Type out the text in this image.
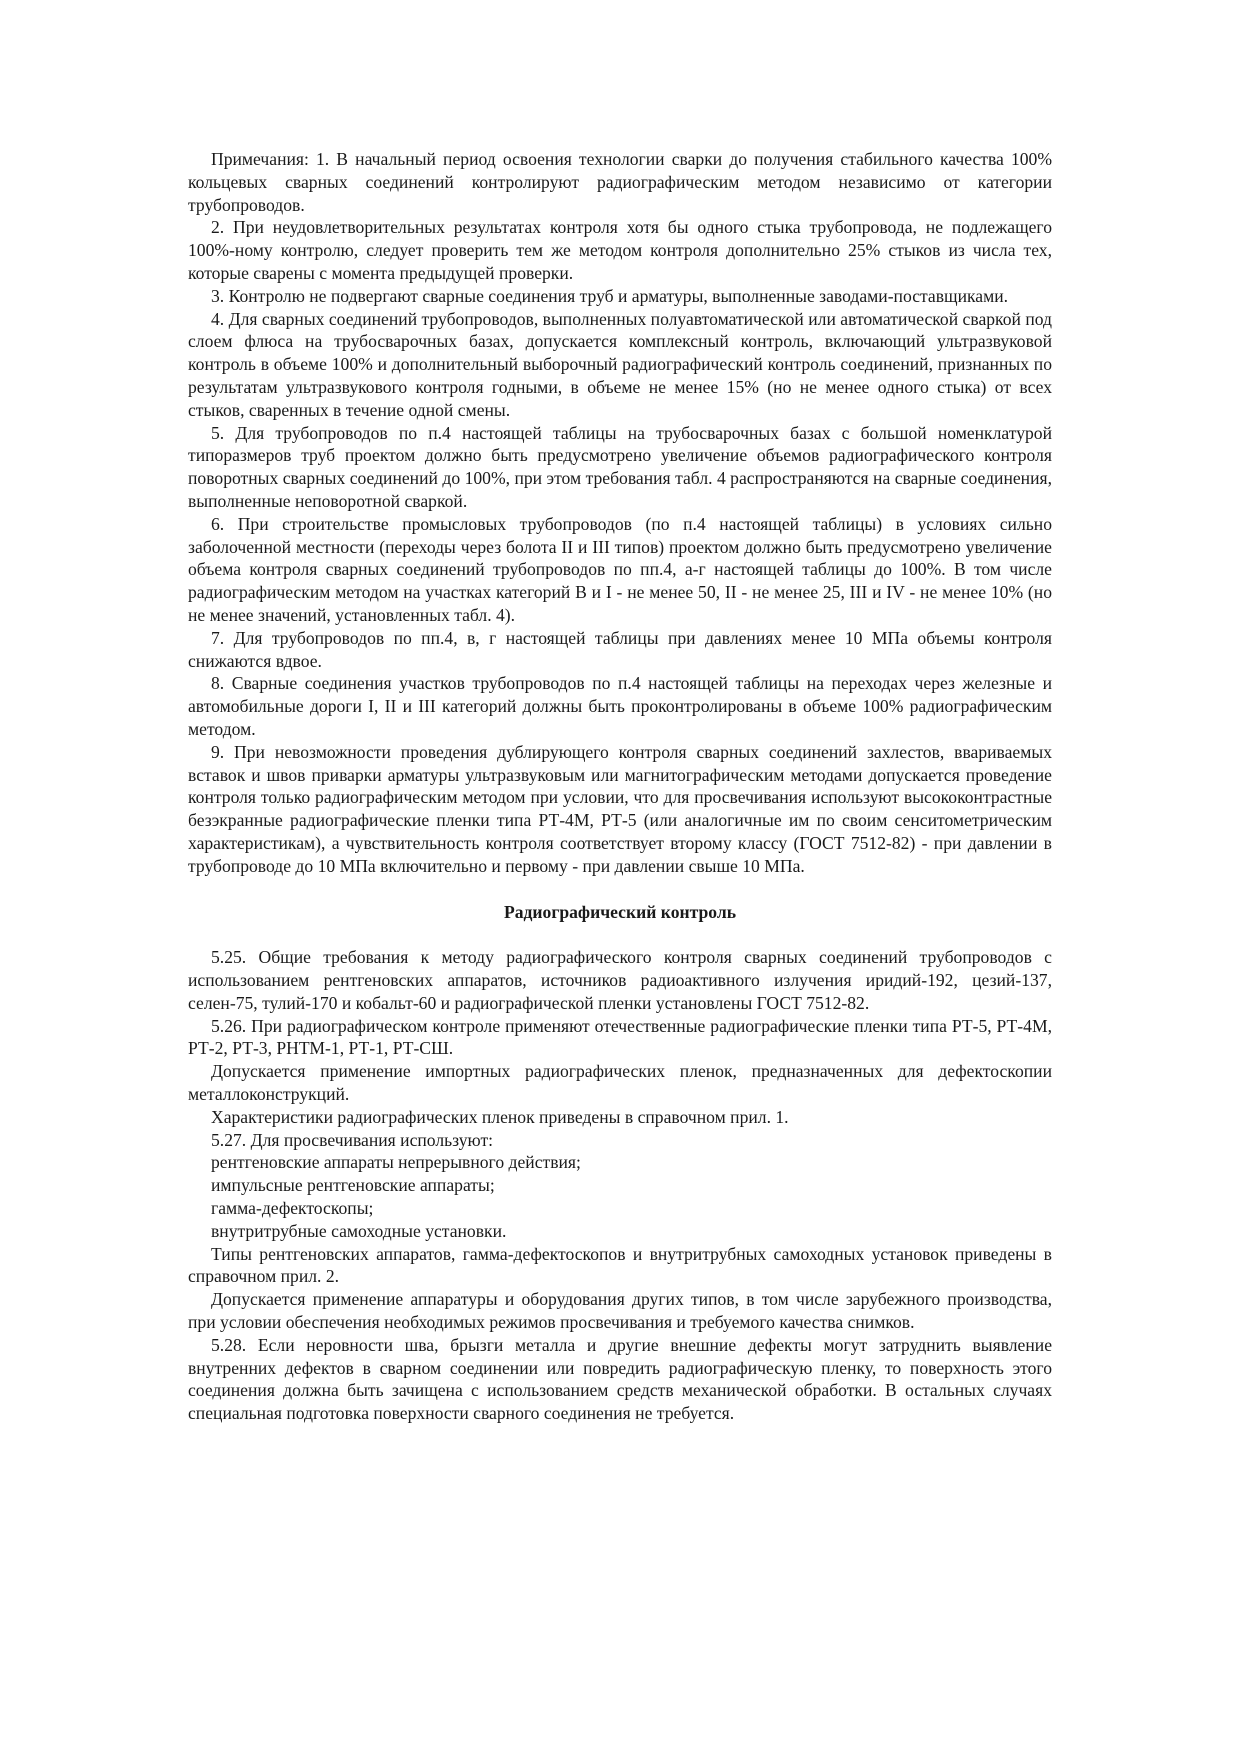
Примечания: 1. В начальный период освоения технологии сварки до получения стабильного качества 100% кольцевых сварных соединений контролируют радиографическим методом независимо от категории трубопроводов.

2. При неудовлетворительных результатах контроля хотя бы одного стыка трубопровода, не подлежащего 100%-ному контролю, следует проверить тем же методом контроля дополнительно 25% стыков из числа тех, которые сварены с момента предыдущей проверки.

3. Контролю не подвергают сварные соединения труб и арматуры, выполненные заводами-поставщиками.

4. Для сварных соединений трубопроводов, выполненных полуавтоматической или автоматической сваркой под слоем флюса на трубосварочных базах, допускается комплексный контроль, включающий ультразвуковой контроль в объеме 100% и дополнительный выборочный радиографический контроль соединений, признанных по результатам ультразвукового контроля годными, в объеме не менее 15% (но не менее одного стыка) от всех стыков, сваренных в течение одной смены.

5. Для трубопроводов по п.4 настоящей таблицы на трубосварочных базах с большой номенклатурой типоразмеров труб проектом должно быть предусмотрено увеличение объемов радиографического контроля поворотных сварных соединений до 100%, при этом требования табл. 4 распространяются на сварные соединения, выполненные неповоротной сваркой.

6. При строительстве промысловых трубопроводов (по п.4 настоящей таблицы) в условиях сильно заболоченной местности (переходы через болота II и III типов) проектом должно быть предусмотрено увеличение объема контроля сварных соединений трубопроводов по пп.4, а-г настоящей таблицы до 100%. В том числе радиографическим методом на участках категорий В и I - не менее 50, II - не менее 25, III и IV - не менее 10% (но не менее значений, установленных табл. 4).

7. Для трубопроводов по пп.4, в, г настоящей таблицы при давлениях менее 10 МПа объемы контроля снижаются вдвое.

8. Сварные соединения участков трубопроводов по п.4 настоящей таблицы на переходах через железные и автомобильные дороги I, II и III категорий должны быть проконтролированы в объеме 100% радиографическим методом.

9. При невозможности проведения дублирующего контроля сварных соединений захлестов, ввариваемых вставок и швов приварки арматуры ультразвуковым или магнитографическим методами допускается проведение контроля только радиографическим методом при условии, что для просвечивания используют высококонтрастные безэкранные радиографические пленки типа РТ-4М, РТ-5 (или аналогичные им по своим сенситометрическим характеристикам), а чувствительность контроля соответствует второму классу (ГОСТ 7512-82) - при давлении в трубопроводе до 10 МПа включительно и первому - при давлении свыше 10 МПа.

Радиографический контроль

5.25. Общие требования к методу радиографического контроля сварных соединений трубопроводов с использованием рентгеновских аппаратов, источников радиоактивного излучения иридий-192, цезий-137, селен-75, тулий-170 и кобальт-60 и радиографической пленки установлены ГОСТ 7512-82.

5.26. При радиографическом контроле применяют отечественные радиографические пленки типа РТ-5, РТ-4М, РТ-2, РТ-3, РНТМ-1, РТ-1, РТ-СШ.

Допускается применение импортных радиографических пленок, предназначенных для дефектоскопии металлоконструкций.

Характеристики радиографических пленок приведены в справочном прил. 1.

5.27. Для просвечивания используют:

рентгеновские аппараты непрерывного действия;

импульсные рентгеновские аппараты;

гамма-дефектоскопы;

внутритрубные самоходные установки.

Типы рентгеновских аппаратов, гамма-дефектоскопов и внутритрубных самоходных установок приведены в справочном прил. 2.

Допускается применение аппаратуры и оборудования других типов, в том числе зарубежного производства, при условии обеспечения необходимых режимов просвечивания и требуемого качества снимков.

5.28. Если неровности шва, брызги металла и другие внешние дефекты могут затруднить выявление внутренних дефектов в сварном соединении или повредить радиографическую пленку, то поверхность этого соединения должна быть зачищена с использованием средств механической обработки. В остальных случаях специальная подготовка поверхности сварного соединения не требуется.
